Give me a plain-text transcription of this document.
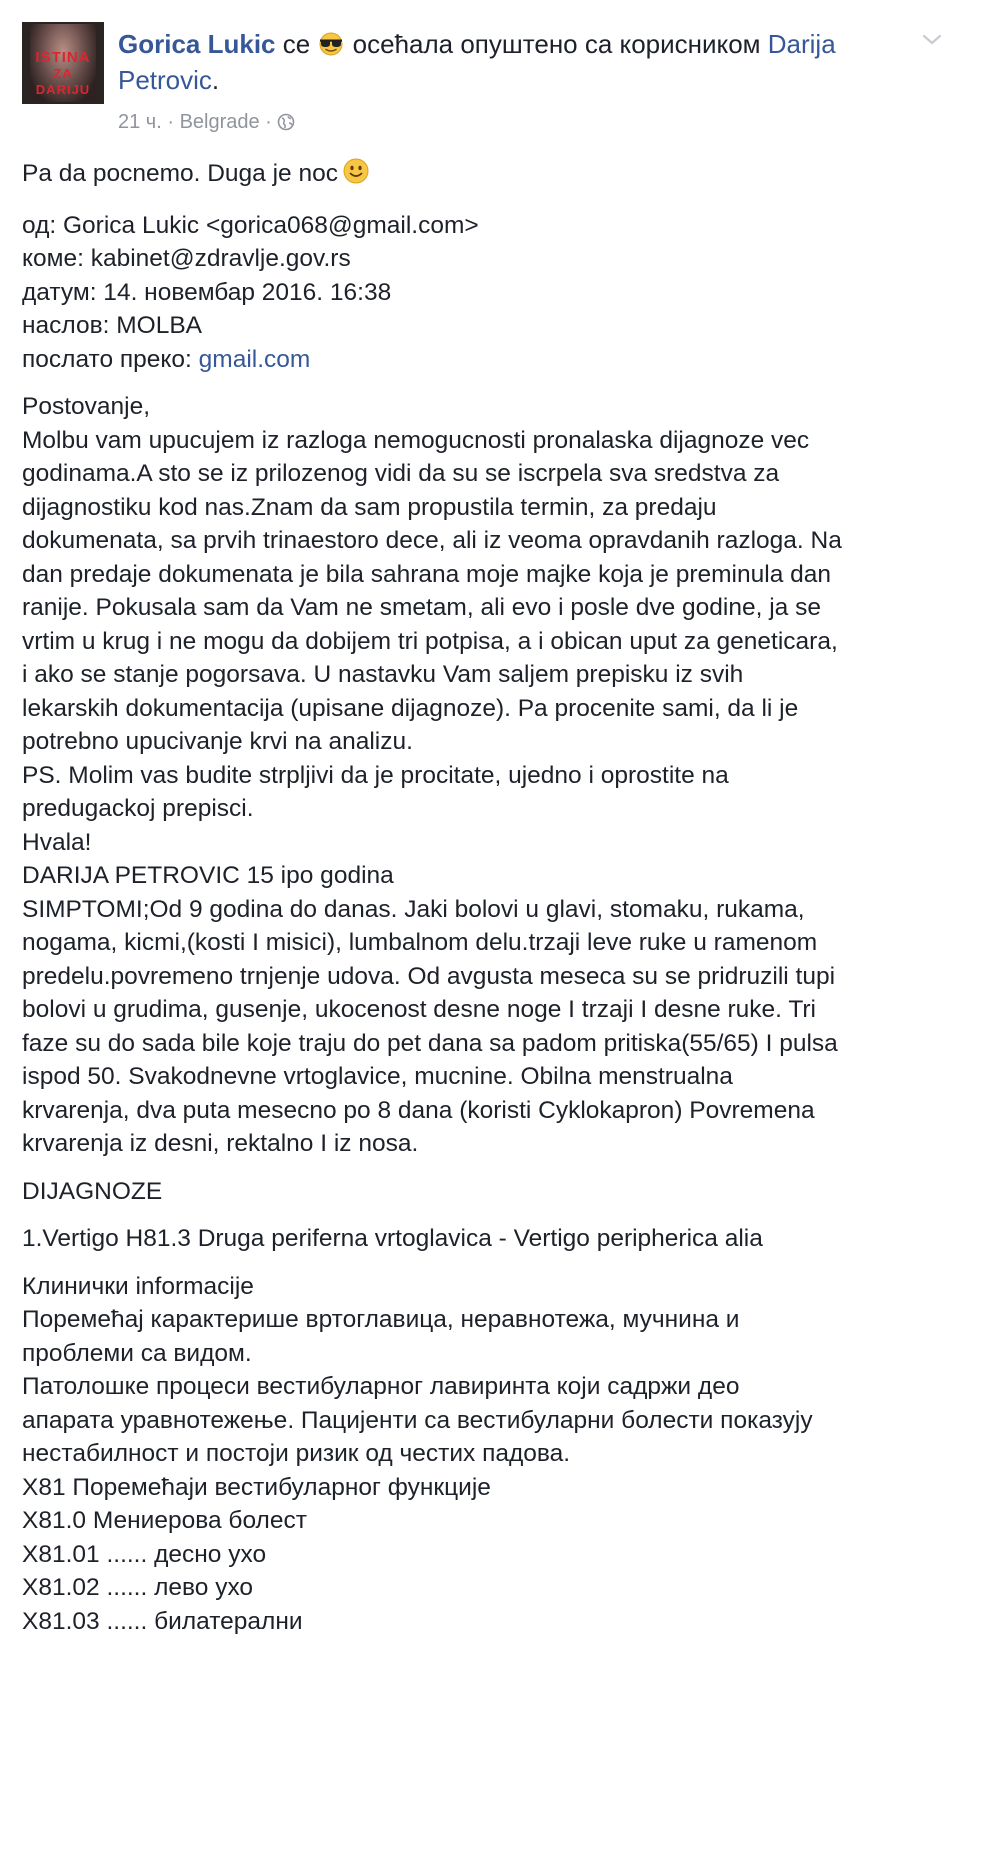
ISTINA
ZA
DARIJU
Gorica Lukic се
осећала опуштено са корисником Darija
Petrovic.
21 ч. · Belgrade ·

Pa da pocnemo. Duga je noc

од: Gorica Lukic <gorica068@gmail.com>

коме: kabinet@zdravlje.gov.rs

датум: 14. новембар 2016. 16:38

наслов: MOLBA

послато преко: gmail.com

Postovanje,

Molbu vam upucujem iz razloga nemogucnosti pronalaska dijagnoze vec

godinama.A sto se iz prilozenog vidi da su se iscrpela sva sredstva za

dijagnostiku kod nas.Znam da sam propustila termin, za predaju

dokumenata, sa prvih trinaestoro dece, ali iz veoma opravdanih razloga. Na

dan predaje dokumenata je bila sahrana moje majke koja je preminula dan

ranije. Pokusala sam da Vam ne smetam, ali evo i posle dve godine, ja se

vrtim u krug i ne mogu da dobijem tri potpisa, a i obican uput za geneticara,

i ako se stanje pogorsava. U nastavku Vam saljem prepisku iz svih

lekarskih dokumentacija (upisane dijagnoze). Pa procenite sami, da li je

potrebno upucivanje krvi na analizu.

PS. Molim vas budite strpljivi da je procitate, ujedno i oprostite na

predugackoj prepisci.

Hvala!

DARIJA PETROVIC 15 ipo godina

SIMPTOMI;Od 9 godina do danas. Jaki bolovi u glavi, stomaku, rukama,

nogama, kicmi,(kosti I misici), lumbalnom delu.trzaji leve ruke u ramenom

predelu.povremeno trnjenje udova. Od avgusta meseca su se pridruzili tupi

bolovi u grudima, gusenje, ukocenost desne noge I trzaji I desne ruke. Tri

faze su do sada bile koje traju do pet dana sa padom pritiska(55/65) I pulsa

ispod 50. Svakodnevne vrtoglavice, mucnine. Obilna menstrualna

krvarenja, dva puta mesecno po 8 dana (koristi Cyklokapron) Povremena

krvarenja iz desni, rektalno I iz nosa.

DIJAGNOZE

1.Vertigo H81.3 Druga periferna vrtoglavica - Vertigo peripherica alia

Клинички informacije

Поремећај карактерише вртоглавица, неравнотежа, мучнина и

проблеми са видом.

Патолошке процеси вестибуларног лавиринта који садржи део

апарата уравнотежење. Пацијенти са вестибуларни болести показују

нестабилност и постоји ризик од честих падова.

X81 Поремећаји вестибуларног функције

X81.0 Мениерова болест

X81.01 ...... десно ухо

X81.02 ...... лево ухо

X81.03 ...... билатерални
